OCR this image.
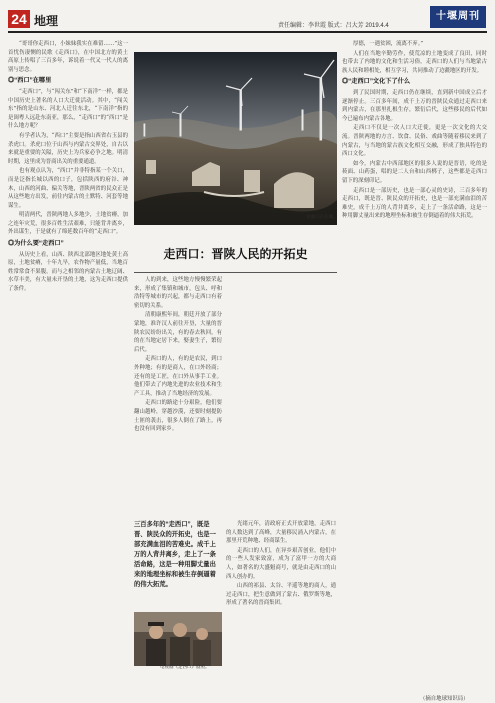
24 地理	责任编辑：李世霞 版式：吕大芳 2019.4.4
十堰周刊

“哥哥你走西口，小妹妹我实在难留……”这一首忧伤凄恻的民歌《走西口》，在中国北方的黄土高原上传唱了三百多年，诉说着一代又一代人的离别与思念。

◎“西口”在哪里

“走西口”，与“闯关东”和“下南洋”一样，都是中国历史上著名的人口大迁徙活动。其中，“闯关东”指的是山东、河北人迁往东北，“下南洋”指的是闽粤人远赴东南亚，那么，“走西口”的“西口”是什么地方呢？

有学者认为，“西口”主要是指山西省右玉县的杀虎口。杀虎口位于山西与内蒙古交界处，自古以来就是重要的关隘，历史上为兵家必争之地。明清时期，这里成为晋商出关的重要通道。

也有观点认为，“西口”并非特指某一个关口，而是泛指长城以西的口子，包括陕西的府谷、神木，山西的河曲、偏关等地，晋陕两省的民众正是从这些地方出发，前往内蒙古的土默特、河套等地谋生。

明清两代，晋陕两地人多地少，土地贫瘠，加之连年灾荒，很多百姓生活艰难，只能背井离乡，外出谋生，于是就有了绵延数百年的“走西口”。

◎为什么要“走西口”

从历史上看，山西、陕西北部地区地处黄土高原，土地贫瘠，十年九旱，农作物产量低，当地百姓常常食不果腹。而与之相邻的内蒙古土地辽阔、水草丰美，有大量未开垦的土地，这为走西口提供了条件。

人的到来，这些地方慢慢繁荣起来，形成了集镇和城市，包头、呼和浩特等城市的兴起，都与走西口有着密切的关系。

清朝康熙年间，朝廷开放了部分蒙地，准许汉人前往开垦，大量的晋陕农民纷纷出关，有的春去秋回，有的在当地定居下来，娶妻生子，繁衍后代。

走西口的人，有的是农民，到口外种地；有的是商人，在口外经商；还有的是工匠，在口外从事手工业。他们带去了内地先进的农业技术和生产工具，推动了当地经济的发展。

走西口的路途十分艰险，他们要翻山越岭，穿越沙漠，还要时刻提防土匪的袭击，很多人倒在了路上，再也没有回到家乡。

光绪元年，清政府正式开放蒙地，走西口的人数达到了高峰，大量移民涌入内蒙古，在那里开荒种地、经商谋生。

走西口的人们，在异乡艰苦创业，他们中的一些人发家致富，成为了富甲一方的大商人，如著名的大盛魁商号，就是由走西口的山西人创办的。

山西的祁县、太谷、平遥等地的商人，通过走西口，把生意做到了蒙古、俄罗斯等地，形成了著名的晋商集团。

厚德，一遇贫困，流离不弃。”

人们在当地辛勤劳作，使荒凉的土地变成了良田，同时也带去了内地的文化和生活习俗，走西口的人们与当地蒙古族人民和睦相处，相互学习，共同推动了边疆地区的开发。

◎“走西口”文化下了什么

到了民国时期，走西口仍在继续，直到新中国成立后才逐渐停止。三百多年间，成千上万的晋陕民众通过走西口来到内蒙古，在那里扎根生存，繁衍后代，这些移民的后代如今已遍布内蒙古各地。

走西口不仅是一次人口大迁徙，更是一次文化的大交流。晋陕两地的方言、饮食、民俗、戏曲等随着移民来到了内蒙古，与当地的蒙古族文化相互交融，形成了独具特色的西口文化。

如今，内蒙古中西部地区的很多人说的是晋语，吃的是莜面、山药蛋，唱的是二人台和山西梆子，这些都是走西口留下的深刻印记。

走西口是一部历史，也是一部心灵的史诗，三百多年的走西口，既是晋、陕民众的开拓史，也是一部充满血泪的苦难史，成千上万的人背井离乡，走上了一条活命路，这是一种用脚丈量出来的地理坐标和被生存倒逼着的伟大拓荒。

杀虎口古长城。
走西口：晋陕人民的开拓史
三百多年的“走西口”，既是晋、陕民众的开拓史，也是一部充满血泪的苦难史。成千上万的人背井离乡，走上了一条活命路，这是一种用脚丈量出来的地理坐标和被生存倒逼着的伟大拓荒。
电视剧《走西口》剧照。
（摘自地球知识局）
